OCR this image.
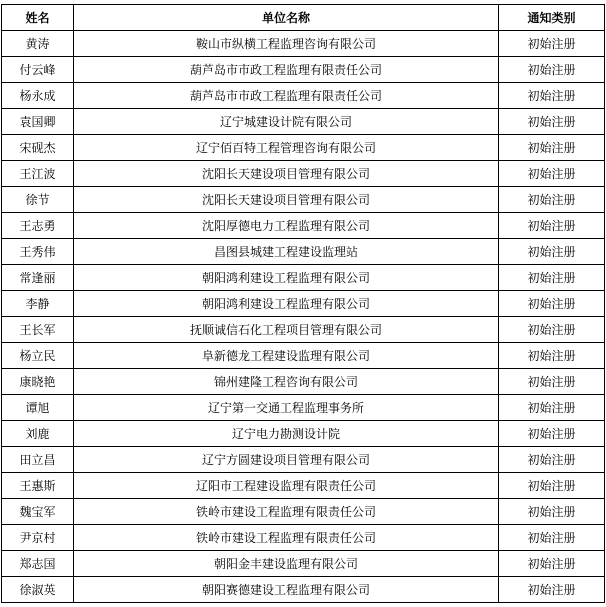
姓名	单位名称	通知类别
黄涛	鞍山市纵横工程监理咨询有限公司	初始注册
付云峰	葫芦岛市市政工程监理有限责任公司	初始注册
杨永成	葫芦岛市市政工程监理有限责任公司	初始注册
袁国卿	辽宁城建设计院有限公司	初始注册
宋砚杰	辽宁佰百特工程管理咨询有限公司	初始注册
王江波	沈阳长天建设项目管理有限公司	初始注册
徐节	沈阳长天建设项目管理有限公司	初始注册
王志勇	沈阳厚德电力工程监理有限公司	初始注册
王秀伟	昌图县城建工程建设监理站	初始注册
常逢丽	朝阳鸿利建设工程监理有限公司	初始注册
李静	朝阳鸿利建设工程监理有限公司	初始注册
王长军	抚顺诚信石化工程项目管理有限公司	初始注册
杨立民	阜新德龙工程建设监理有限公司	初始注册
康晓艳	锦州建隆工程咨询有限公司	初始注册
谭旭	辽宁第一交通工程监理事务所	初始注册
刘鹿	辽宁电力勘测设计院	初始注册
田立昌	辽宁方圆建设项目管理有限公司	初始注册
王惠斯	辽阳市工程建设监理有限责任公司	初始注册
魏宝军	铁岭市建设工程监理有限责任公司	初始注册
尹京村	铁岭市建设工程监理有限责任公司	初始注册
郑志国	朝阳金丰建设监理有限公司	初始注册
徐淑英	朝阳赛德建设工程监理有限公司	初始注册
